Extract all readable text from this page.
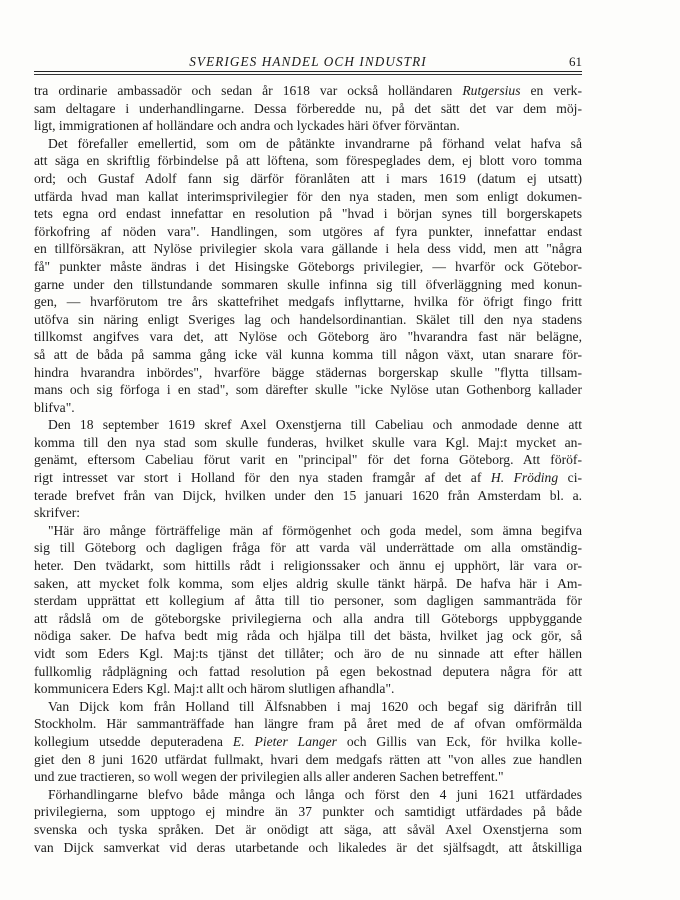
SVERIGES HANDEL OCH INDUSTRI	61
tra ordinarie ambassadör och sedan år 1618 var också holländaren Rutgersius en verk-
sam deltagare i underhandlingarne. Dessa förberedde nu, på det sätt det var dem möj-
ligt, immigrationen af holländare och andra och lyckades häri öfver förväntan.
Det förefaller emellertid, som om de påtänkte invandrarne på förhand velat hafva så
att säga en skriftlig förbindelse på att löftena, som förespeglades dem, ej blott voro tomma
ord; och Gustaf Adolf fann sig därför föranlåten att i mars 1619 (datum ej utsatt)
utfärda hvad man kallat interimsprivilegier för den nya staden, men som enligt dokumen-
tets egna ord endast innefattar en resolution på "hvad i början synes till borgerskapets
förkofring af nöden vara". Handlingen, som utgöres af fyra punkter, innefattar endast
en tillförsäkran, att Nylöse privilegier skola vara gällande i hela dess vidd, men att "några
få" punkter måste ändras i det Hisingske Göteborgs privilegier, — hvarför ock Götebor-
garne under den tillstundande sommaren skulle infinna sig till öfverläggning med konun-
gen, — hvarförutom tre års skattefrihet medgafs inflyttarne, hvilka för öfrigt fingo fritt
utöfva sin näring enligt Sveriges lag och handelsordinantian. Skälet till den nya stadens
tillkomst angifves vara det, att Nylöse och Göteborg äro "hvarandra fast när belägne,
så att de båda på samma gång icke väl kunna komma till någon växt, utan snarare för-
hindra hvarandra inbördes", hvarföre bägge städernas borgerskap skulle "flytta tillsam-
mans och sig förfoga i en stad", som därefter skulle "icke Nylöse utan Gothenborg kallader
blifva".
Den 18 september 1619 skref Axel Oxenstjerna till Cabeliau och anmodade denne att
komma till den nya stad som skulle funderas, hvilket skulle vara Kgl. Maj:t mycket an-
genämt, eftersom Cabeliau förut varit en "principal" för det forna Göteborg. Att föröf-
rigt intresset var stort i Holland för den nya staden framgår af det af H. Fröding ci-
terade brefvet från van Dijck, hvilken under den 15 januari 1620 från Amsterdam bl. a.
skrifver:
"Här äro månge förträffelige män af förmögenhet och goda medel, som ämna begifva
sig till Göteborg och dagligen fråga för att varda väl underrättade om alla omständig-
heter. Den tvädarkt, som hittills rådt i religionssaker och ännu ej upphört, lär vara or-
saken, att mycket folk komma, som eljes aldrig skulle tänkt härpå. De hafva här i Am-
sterdam upprättat ett kollegium af åtta till tio personer, som dagligen sammanträda för
att rådslå om de göteborgske privilegierna och alla andra till Göteborgs uppbyggande
nödiga saker. De hafva bedt mig råda och hjälpa till det bästa, hvilket jag ock gör, så
vidt som Eders Kgl. Maj:ts tjänst det tillåter; och äro de nu sinnade att efter hällen
fullkomlig rådplägning och fattad resolution på egen bekostnad deputera några för att
kommunicera Eders Kgl. Maj:t allt och härom slutligen afhandla".
Van Dijck kom från Holland till Älfsnabben i maj 1620 och begaf sig därifrån till
Stockholm. Här sammanträffade han längre fram på året med de af ofvan omförmälda
kollegium utsedde deputeradena E. Pieter Langer och Gillis van Eck, för hvilka kolle-
giet den 8 juni 1620 utfärdat fullmakt, hvari dem medgafs rätten att "von alles zue handlen
und zue tractieren, so woll wegen der privilegien alls aller anderen Sachen betreffent."
Förhandlingarne blefvo både många och långa och först den 4 juni 1621 utfärdades
privilegierna, som upptogo ej mindre än 37 punkter och samtidigt utfärdades på både
svenska och tyska språken. Det är onödigt att säga, att såväl Axel Oxenstjerna som
van Dijck samverkat vid deras utarbetande och likaledes är det själfsagdt, att åtskilliga
